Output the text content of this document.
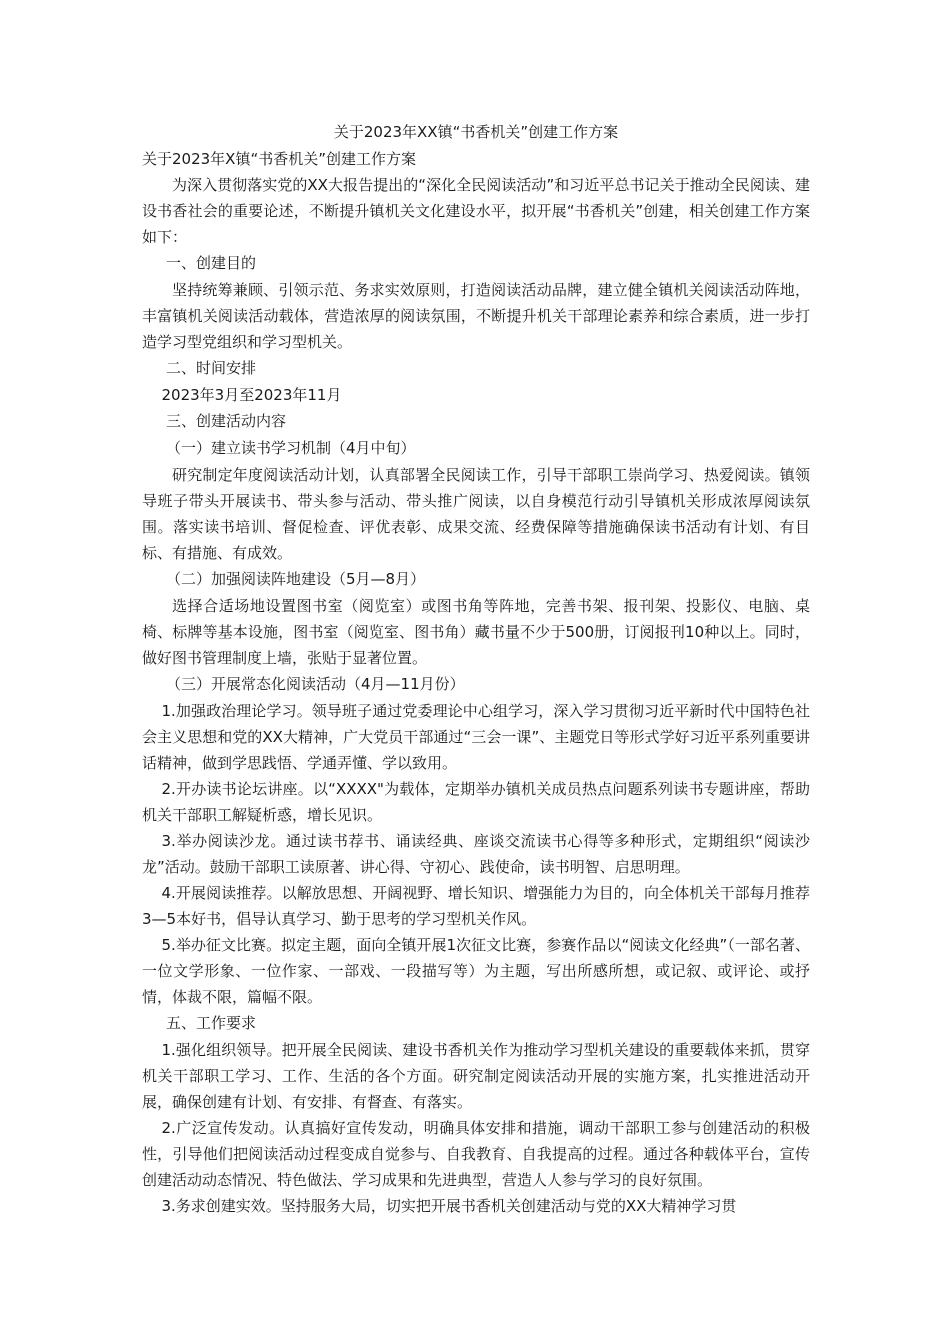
关于2023年XX镇“书香机关”创建工作方案

关于2023年X镇“书香机关”创建工作方案

为深入贯彻落实党的XX大报告提出的“深化全民阅读活动”和习近平总书记关于推动全民阅读、建设书香社会的重要论述，不断提升镇机关文化建设水平，拟开展“书香机关”创建，相关创建工作方案如下：

一、创建目的

坚持统筹兼顾、引领示范、务求实效原则，打造阅读活动品牌，建立健全镇机关阅读活动阵地，丰富镇机关阅读活动载体，营造浓厚的阅读氛围，不断提升机关干部理论素养和综合素质，进一步打造学习型党组织和学习型机关。

二、时间安排

2023年3月至2023年11月

三、创建活动内容

（一）建立读书学习机制（4月中旬）

研究制定年度阅读活动计划，认真部署全民阅读工作，引导干部职工崇尚学习、热爱阅读。镇领导班子带头开展读书、带头参与活动、带头推广阅读，以自身模范行动引导镇机关形成浓厚阅读氛围。落实读书培训、督促检查、评优表彰、成果交流、经费保障等措施确保读书活动有计划、有目标、有措施、有成效。

（二）加强阅读阵地建设（5月—8月）

选择合适场地设置图书室（阅览室）或图书角等阵地，完善书架、报刊架、投影仪、电脑、桌椅、标牌等基本设施，图书室（阅览室、图书角）藏书量不少于500册，订阅报刊10种以上。同时，做好图书管理制度上墙，张贴于显著位置。

（三）开展常态化阅读活动（4月—11月份）

1.加强政治理论学习。领导班子通过党委理论中心组学习，深入学习贯彻习近平新时代中国特色社会主义思想和党的XX大精神，广大党员干部通过“三会一课”、主题党日等形式学好习近平系列重要讲话精神，做到学思践悟、学通弄懂、学以致用。

2.开办读书论坛讲座。以“XXXX"为载体，定期举办镇机关成员热点问题系列读书专题讲座，帮助机关干部职工解疑析惑，增长见识。

3.举办阅读沙龙。通过读书荐书、诵读经典、座谈交流读书心得等多种形式，定期组织“阅读沙龙”活动。鼓励干部职工读原著、讲心得、守初心、践使命，读书明智、启思明理。

4.开展阅读推荐。以解放思想、开阔视野、增长知识、增强能力为目的，向全体机关干部每月推荐3—5本好书，倡导认真学习、勤于思考的学习型机关作风。

5.举办征文比赛。拟定主题，面向全镇开展1次征文比赛，参赛作品以“阅读文化经典”（一部名著、一位文学形象、一位作家、一部戏、一段描写等）为主题，写出所感所想，或记叙、或评论、或抒情，体裁不限，篇幅不限。

五、工作要求

1.强化组织领导。把开展全民阅读、建设书香机关作为推动学习型机关建设的重要载体来抓，贯穿机关干部职工学习、工作、生活的各个方面。研究制定阅读活动开展的实施方案，扎实推进活动开展，确保创建有计划、有安排、有督查、有落实。

2.广泛宣传发动。认真搞好宣传发动，明确具体安排和措施，调动干部职工参与创建活动的积极性，引导他们把阅读活动过程变成自觉参与、自我教育、自我提高的过程。通过各种载体平台，宣传创建活动动态情况、特色做法、学习成果和先进典型，营造人人参与学习的良好氛围。

3.务求创建实效。坚持服务大局，切实把开展书香机关创建活动与党的XX大精神学习贯
